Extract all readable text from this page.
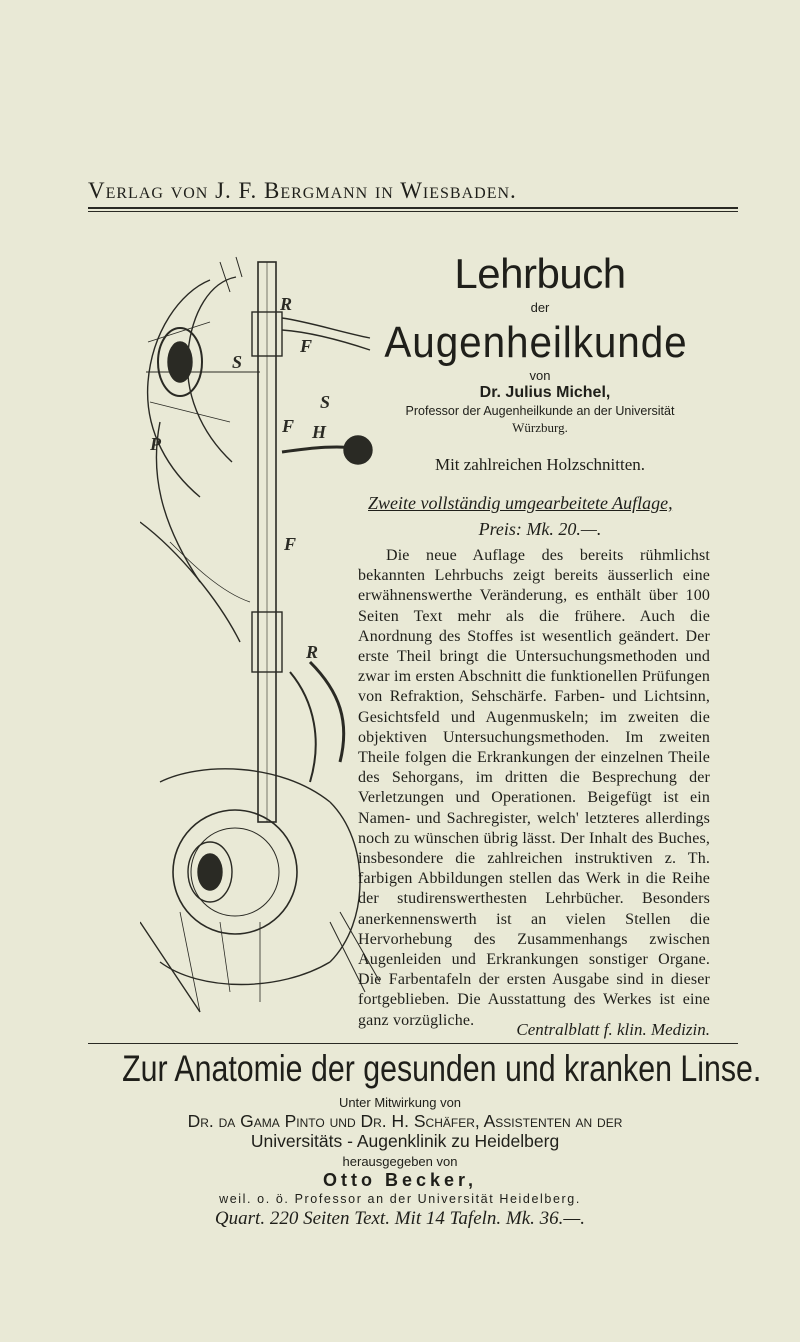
Verlag von J. F. Bergmann in Wiesbaden.
R
F
S
S
F H
F
R
P
Lehrbuch
der
Augenheilkunde
von
Dr. Julius Michel,
Professor der Augenheilkunde an der Universität
Würzburg.
Mit zahlreichen Holzschnitten.
Zweite vollständig umgearbeitete Auflage,
Preis: Mk. 20.—.
Die neue Auflage des bereits rühmlichst bekannten Lehrbuchs zeigt bereits äusserlich eine erwähnenswerthe Veränderung, es enthält über 100 Seiten Text mehr als die frühere. Auch die Anordnung des Stoffes ist wesentlich geändert. Der erste Theil bringt die Untersuchungsmethoden und zwar im ersten Abschnitt die funktionellen Prüfungen von Refraktion, Sehschärfe. Farben- und Lichtsinn, Gesichtsfeld und Augenmuskeln; im zweiten die objektiven Untersuchungsmethoden. Im zweiten Theile folgen die Erkrankungen der einzelnen Theile des Sehorgans, im dritten die Besprechung der Verletzungen und Operationen. Beigefügt ist ein Namen- und Sachregister, welch' letzteres allerdings noch zu wünschen übrig lässt. Der Inhalt des Buches, insbesondere die zahlreichen instruktiven z. Th. farbigen Abbildungen stellen das Werk in die Reihe der studirenswerthesten Lehrbücher. Besonders anerkennenswerth ist an vielen Stellen die Hervorhebung des Zusammenhangs zwischen Augenleiden und Erkrankungen sonstiger Organe. Die Farbentafeln der ersten Ausgabe sind in dieser fortgeblieben. Die Ausstattung des Werkes ist eine ganz vorzügliche.	Centralblatt f. klin. Medizin.
Zur Anatomie der gesunden und kranken Linse.
Unter Mitwirkung von
Dr. da Gama Pinto und Dr. H. Schäfer, Assistenten an der
Universitäts - Augenklinik zu Heidelberg
herausgegeben von
Otto Becker,
weil. o. ö. Professor an der Universität Heidelberg.
Quart. 220 Seiten Text. Mit 14 Tafeln. Mk. 36.—.
